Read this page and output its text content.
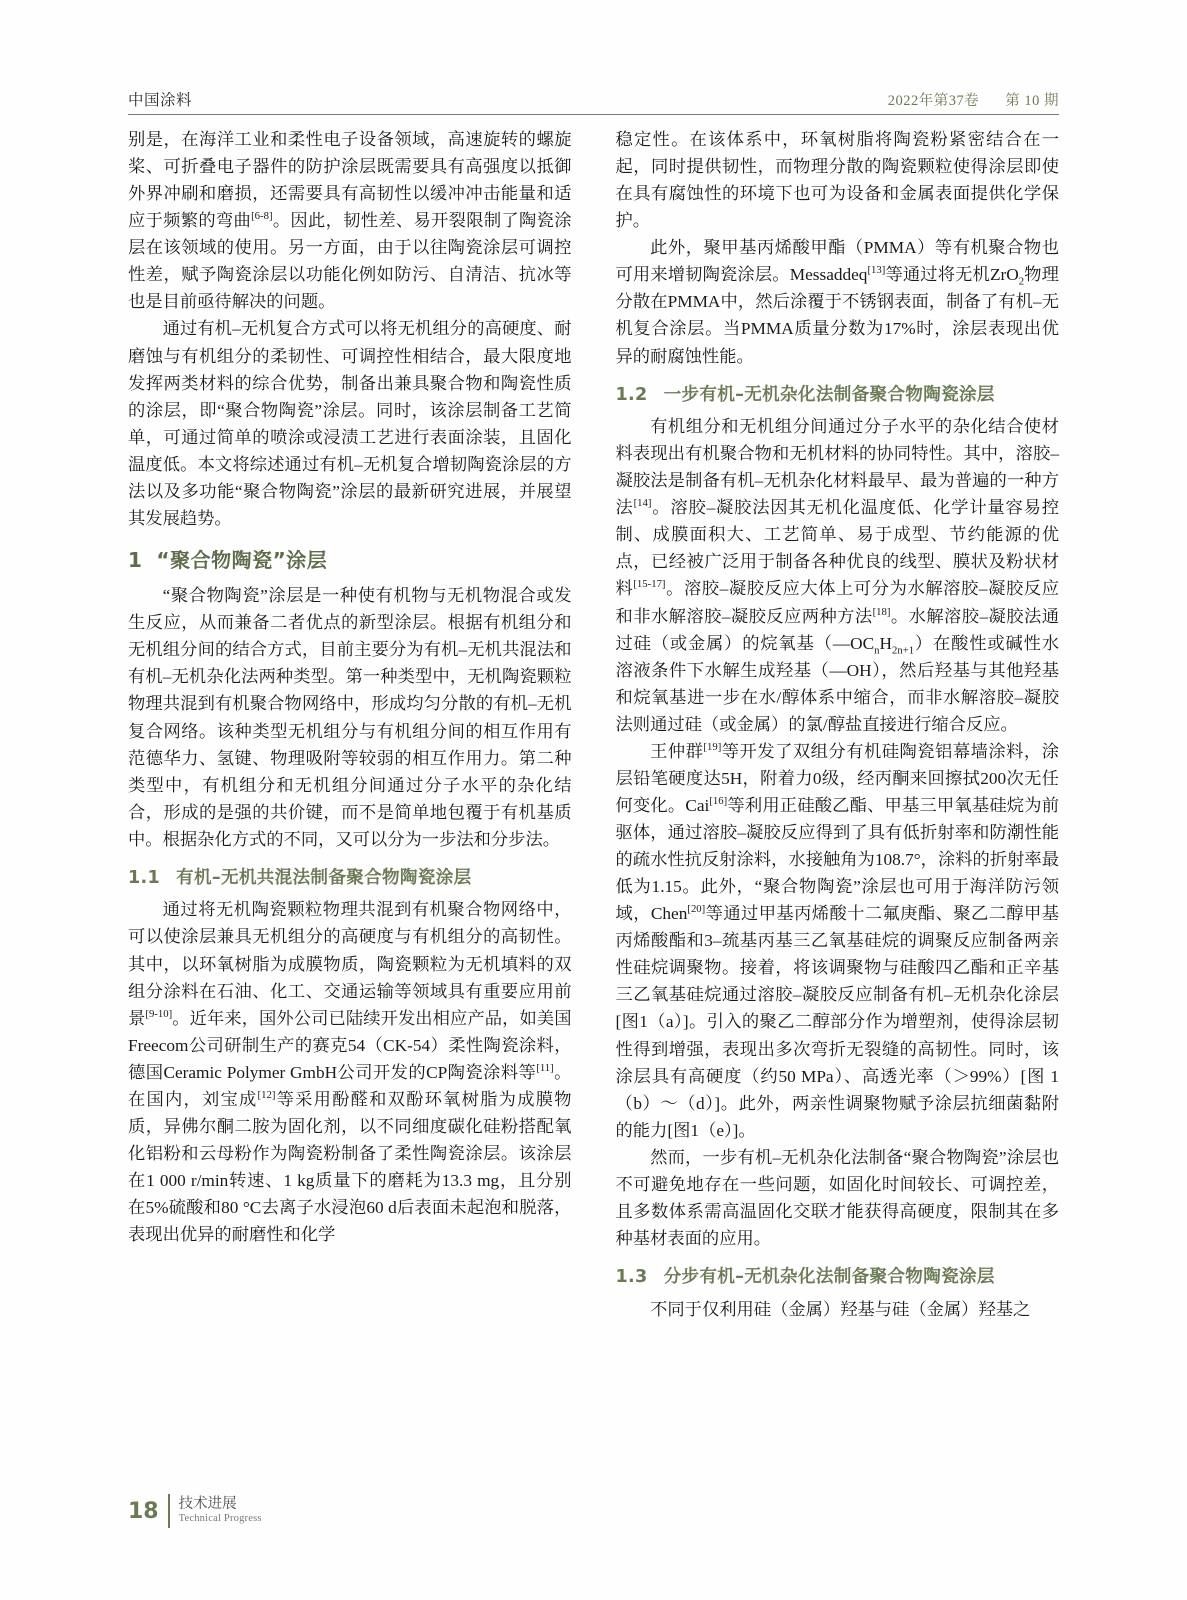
中国涂料	2022年第37卷 第 10 期

别是，在海洋工业和柔性电子设备领域，高速旋转的螺旋桨、可折叠电子器件的防护涂层既需要具有高强度以抵御外界冲刷和磨损，还需要具有高韧性以缓冲冲击能量和适应于频繁的弯曲[6-8]。因此，韧性差、易开裂限制了陶瓷涂层在该领域的使用。另一方面，由于以往陶瓷涂层可调控性差，赋予陶瓷涂层以功能化例如防污、自清洁、抗冰等也是目前亟待解决的问题。

通过有机–无机复合方式可以将无机组分的高硬度、耐磨蚀与有机组分的柔韧性、可调控性相结合，最大限度地发挥两类材料的综合优势，制备出兼具聚合物和陶瓷性质的涂层，即“聚合物陶瓷”涂层。同时，该涂层制备工艺简单，可通过简单的喷涂或浸渍工艺进行表面涂装，且固化温度低。本文将综述通过有机–无机复合增韧陶瓷涂层的方法以及多功能“聚合物陶瓷”涂层的最新研究进展，并展望其发展趋势。

1 “聚合物陶瓷”涂层

“聚合物陶瓷”涂层是一种使有机物与无机物混合或发生反应，从而兼备二者优点的新型涂层。根据有机组分和无机组分间的结合方式，目前主要分为有机–无机共混法和有机–无机杂化法两种类型。第一种类型中，无机陶瓷颗粒物理共混到有机聚合物网络中，形成均匀分散的有机–无机复合网络。该种类型无机组分与有机组分间的相互作用有范德华力、氢键、物理吸附等较弱的相互作用力。第二种类型中，有机组分和无机组分间通过分子水平的杂化结合，形成的是强的共价键，而不是简单地包覆于有机基质中。根据杂化方式的不同，又可以分为一步法和分步法。

1.1 有机–无机共混法制备聚合物陶瓷涂层

通过将无机陶瓷颗粒物理共混到有机聚合物网络中，可以使涂层兼具无机组分的高硬度与有机组分的高韧性。其中，以环氧树脂为成膜物质，陶瓷颗粒为无机填料的双组分涂料在石油、化工、交通运输等领域具有重要应用前景[9-10]。近年来，国外公司已陆续开发出相应产品，如美国Freecom公司研制生产的赛克54（CK-54）柔性陶瓷涂料，德国Ceramic Polymer GmbH公司开发的CP陶瓷涂料等[11]。在国内，刘宝成[12]等采用酚醛和双酚环氧树脂为成膜物质，异佛尔酮二胺为固化剂，以不同细度碳化硅粉搭配氧化铝粉和云母粉作为陶瓷粉制备了柔性陶瓷涂层。该涂层在1 000 r/min转速、1 kg质量下的磨耗为13.3 mg，且分别在5%硫酸和80 °C去离子水浸泡60 d后表面未起泡和脱落，表现出优异的耐磨性和化学

稳定性。在该体系中，环氧树脂将陶瓷粉紧密结合在一起，同时提供韧性，而物理分散的陶瓷颗粒使得涂层即使在具有腐蚀性的环境下也可为设备和金属表面提供化学保护。

此外，聚甲基丙烯酸甲酯（PMMA）等有机聚合物也可用来增韧陶瓷涂层。Messaddeq[13]等通过将无机ZrO$_2$物理分散在PMMA中，然后涂覆于不锈钢表面，制备了有机–无机复合涂层。当PMMA质量分数为17%时，涂层表现出优异的耐腐蚀性能。

1.2 一步有机–无机杂化法制备聚合物陶瓷涂层

有机组分和无机组分间通过分子水平的杂化结合使材料表现出有机聚合物和无机材料的协同特性。其中，溶胶–凝胶法是制备有机–无机杂化材料最早、最为普遍的一种方法[14]。溶胶–凝胶法因其无机化温度低、化学计量容易控制、成膜面积大、工艺简单、易于成型、节约能源的优点，已经被广泛用于制备各种优良的线型、膜状及粉状材料[15-17]。溶胶–凝胶反应大体上可分为水解溶胶–凝胶反应和非水解溶胶–凝胶反应两种方法[18]。水解溶胶–凝胶法通过硅（或金属）的烷氧基$(—OC_nH_{2n+1})$在酸性或碱性水溶液条件下水解生成羟基（—OH），然后羟基与其他羟基和烷氧基进一步在水/醇体系中缩合，而非水解溶胶–凝胶法则通过硅（或金属）的氯/醇盐直接进行缩合反应。

王仲群[19]等开发了双组分有机硅陶瓷铝幕墙涂料，涂层铅笔硬度达5H，附着力0级，经丙酮来回擦拭200次无任何变化。Cai[16]等利用正硅酸乙酯、甲基三甲氧基硅烷为前驱体，通过溶胶–凝胶反应得到了具有低折射率和防潮性能的疏水性抗反射涂料，水接触角为108.7°，涂料的折射率最低为1.15。此外，“聚合物陶瓷”涂层也可用于海洋防污领域，Chen[20]等通过甲基丙烯酸十二氟庚酯、聚乙二醇甲基丙烯酸酯和3–巯基丙基三乙氧基硅烷的调聚反应制备两亲性硅烷调聚物。接着，将该调聚物与硅酸四乙酯和正辛基三乙氧基硅烷通过溶胶–凝胶反应制备有机–无机杂化涂层[图1（a）]。引入的聚乙二醇部分作为增塑剂，使得涂层韧性得到增强，表现出多次弯折无裂缝的高韧性。同时，该涂层具有高硬度（约50 MPa）、高透光率（＞99%）[图 1（b）～（d）]。此外，两亲性调聚物赋予涂层抗细菌黏附的能力[图1（e）]。

然而，一步有机–无机杂化法制备“聚合物陶瓷”涂层也不可避免地存在一些问题，如固化时间较长、可调控差，且多数体系需高温固化交联才能获得高硬度，限制其在多种基材表面的应用。

1.3 分步有机–无机杂化法制备聚合物陶瓷涂层

不同于仅利用硅（金属）羟基与硅（金属）羟基之

18 技术进展
Technical Progress
